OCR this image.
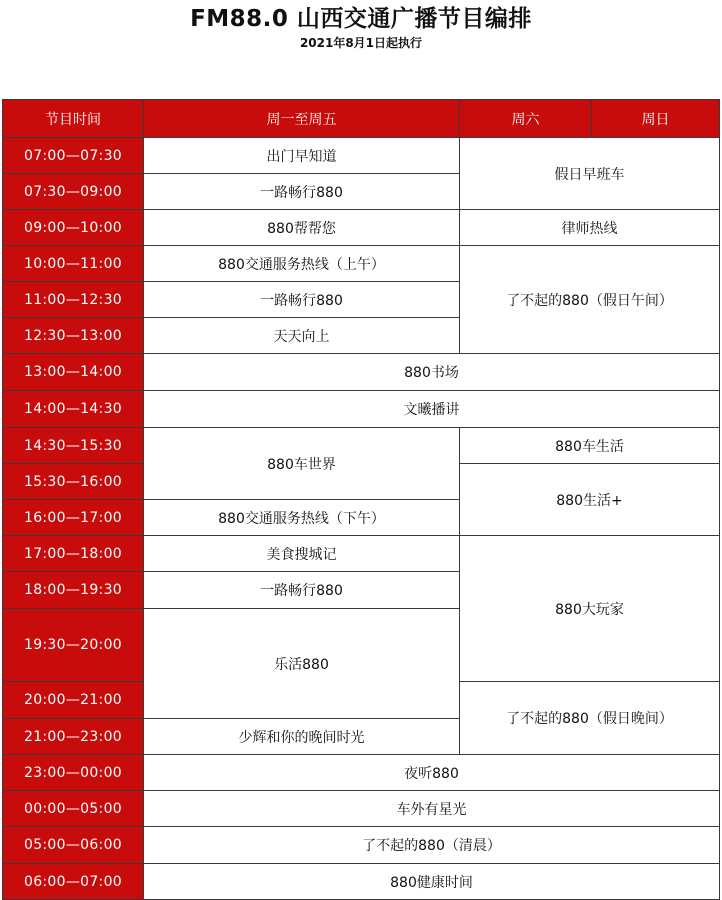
FM88.0 山西交通广播节目编排
2021年8月1日起执行
节目时间	周一至周五	周六	周日
07:00—07:30	出门早知道	假日早班车	
07:30—09:00	一路畅行880		
09:00—10:00	880帮帮您	律师热线	
10:00—11:00	880交通服务热线（上午）	了不起的880（假日午间）	
11:00—12:30	一路畅行880		
12:30—13:00	天天向上		
13:00—14:00	880书场		
14:00—14:30	文曦播讲		
14:30—15:30	880车世界	880车生活	
15:30—16:00		880生活+	
16:00—17:00	880交通服务热线（下午）		
17:00—18:00	美食搜城记	880大玩家	
18:00—19:30	一路畅行880		
19:30—20:00	乐活880		
20:00—21:00		了不起的880（假日晚间）	
21:00—23:00	少辉和你的晚间时光		
23:00—00:00	夜听880		
00:00—05:00	车外有星光		
05:00—06:00	了不起的880（清晨）		
06:00—07:00	880健康时间		
